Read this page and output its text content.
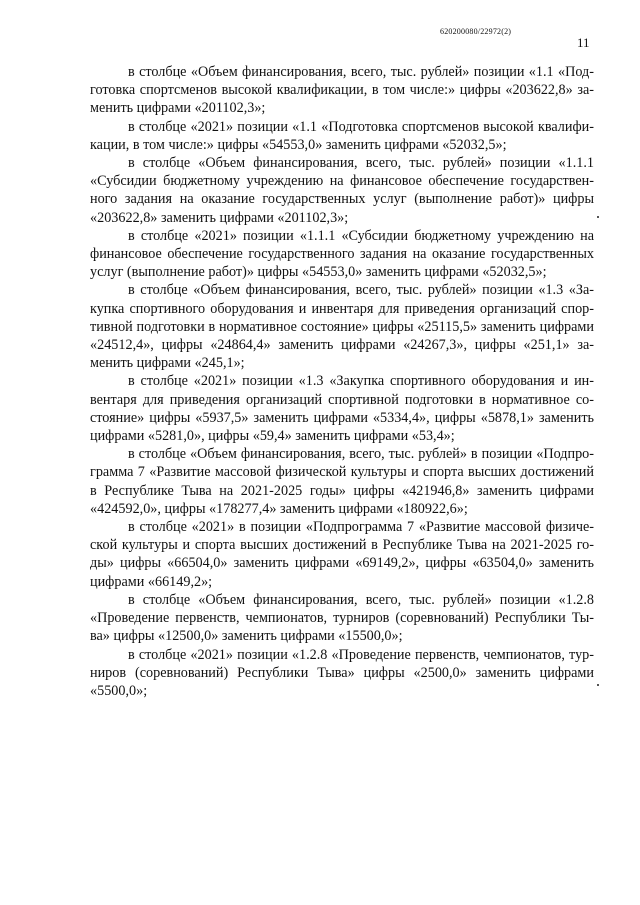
620200080/22972(2)
11

в столбце «Объем финансирования, всего, тыс. рублей» позиции «1.1 «Подготовка спортсменов высокой квалификации, в том числе:» цифры «203622,8» заменить цифрами «201102,3»;

в столбце «2021» позиции «1.1 «Подготовка спортсменов высокой квалификации, в том числе:» цифры «54553,0» заменить цифрами «52032,5»;

в столбце «Объем финансирования, всего, тыс. рублей» позиции «1.1.1 «Субсидии бюджетному учреждению на финансовое обеспечение государственного задания на оказание государственных услуг (выполнение работ)» цифры «203622,8» заменить цифрами «201102,3»;

в столбце «2021» позиции «1.1.1 «Субсидии бюджетному учреждению на финансовое обеспечение государственного задания на оказание государственных услуг (выполнение работ)» цифры «54553,0» заменить цифрами «52032,5»;

в столбце «Объем финансирования, всего, тыс. рублей» позиции «1.3 «Закупка спортивного оборудования и инвентаря для приведения организаций спортивной подготовки в нормативное состояние» цифры «25115,5» заменить цифрами «24512,4», цифры «24864,4» заменить цифрами «24267,3», цифры «251,1» заменить цифрами «245,1»;

в столбце «2021» позиции «1.3 «Закупка спортивного оборудования и инвентаря для приведения организаций спортивной подготовки в нормативное состояние» цифры «5937,5» заменить цифрами «5334,4», цифры «5878,1» заменить цифрами «5281,0», цифры «59,4» заменить цифрами «53,4»;

в столбце «Объем финансирования, всего, тыс. рублей» в позиции «Подпрограмма 7 «Развитие массовой физической культуры и спорта высших достижений в Республике Тыва на 2021-2025 годы» цифры «421946,8» заменить цифрами «424592,0», цифры «178277,4» заменить цифрами «180922,6»;

в столбце «2021» в позиции «Подпрограмма 7 «Развитие массовой физической культуры и спорта высших достижений в Республике Тыва на 2021-2025 годы» цифры «66504,0» заменить цифрами «69149,2», цифры «63504,0» заменить цифрами «66149,2»;

в столбце «Объем финансирования, всего, тыс. рублей» позиции «1.2.8 «Проведение первенств, чемпионатов, турниров (соревнований) Республики Тыва» цифры «12500,0» заменить цифрами «15500,0»;

в столбце «2021» позиции «1.2.8 «Проведение первенств, чемпионатов, турниров (соревнований) Республики Тыва» цифры «2500,0» заменить цифрами «5500,0»;
